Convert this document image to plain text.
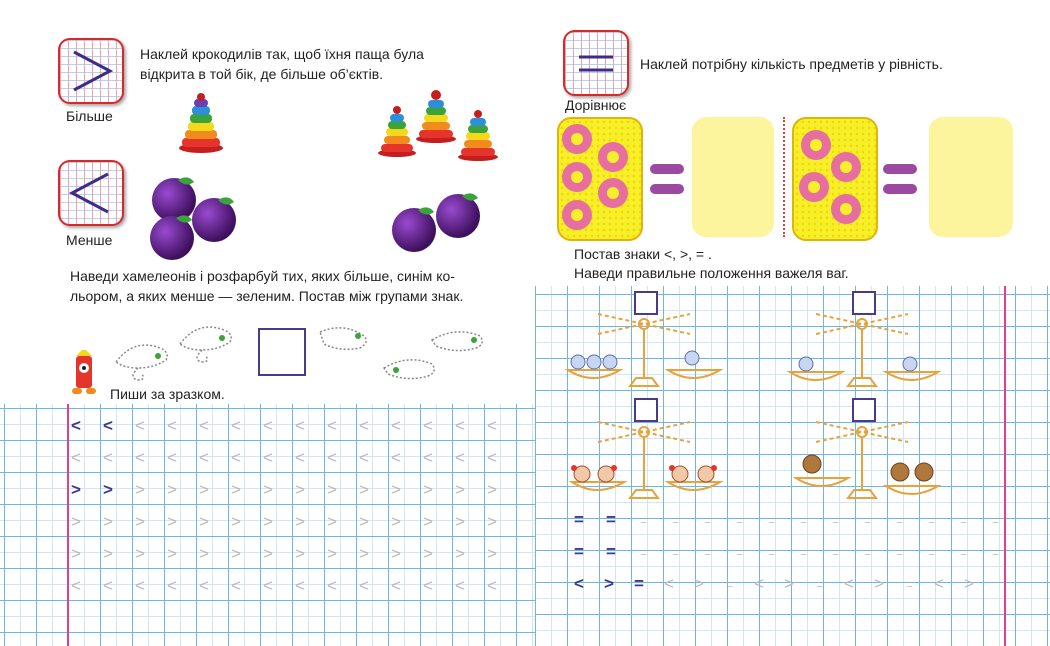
Більше
Менше
Наклей крокодилів так, щоб їхня паща була відкрита в той бік, де більше об’єктів.
Наведи хамелеонів і розфарбуй тих, яких більше, синім ко-
льором, а яких менше — зеленим. Постав між групами знак.
Пиши за зразком.
<	<
>	>
<	<	<	<	<	<	<	<	<	<	<	<
<	<	<	<	<	<	<	<	<	<	<	<	<	<
>	>	>	>	>	>	>	>	>	>	>	>
>	>	>	>	>	>	>	>	>	>	>	>	>	>
>	>	>	>	>	>	>	>	>	>	>	>	>	>
<	<	<	<	<	<	<	<	<	<	<	<	<	<
Дорівнює
Наклей потрібну кількість предметів у рівність.
Постав знаки <, >, = .
Наведи правильне положення важеля ваг.
=	=	::::	::::	::::	::::	::::	::::	::::	::::	::::	::::	::::	::::
=	=	::::	::::	::::	::::	::::	::::	::::	::::	::::	::::	::::	::::
<	>	=	<	>	::::	<	>	::::	<	>	::::	<	>
